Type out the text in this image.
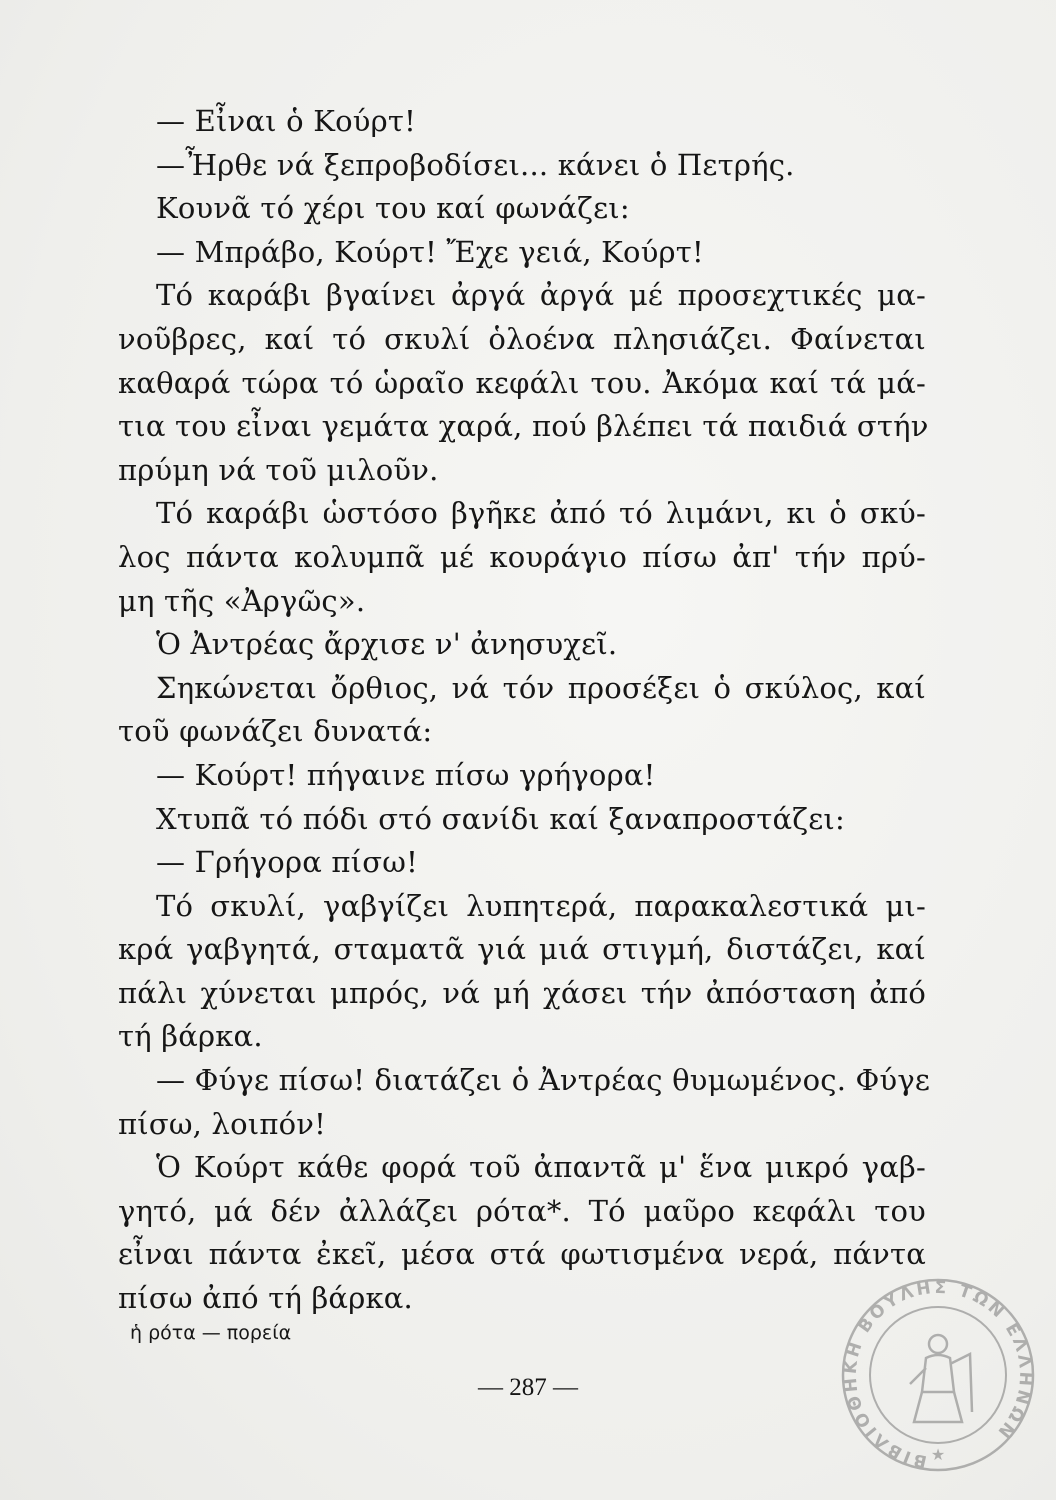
— Εἶναι ὁ Κούρτ!
—Ἦρθε νά ξεπροβοδίσει... κάνει ὁ Πετρής.
Κουνᾶ τό χέρι του καί φωνάζει:
— Μπράβο, Κούρτ! Ἔχε γειά, Κούρτ!
Τό καράβι βγαίνει ἀργά ἀργά μέ προσεχτικές μα-
νοῦβρες, καί τό σκυλί ὁλοένα πλησιάζει. Φαίνεται
καθαρά τώρα τό ὡραῖο κεφάλι του. Ἀκόμα καί τά μά-
τια του εἶναι γεμάτα χαρά, πού βλέπει τά παιδιά στήν
πρύμη νά τοῦ μιλοῦν.
Τό καράβι ὡστόσο βγῆκε ἀπό τό λιμάνι, κι ὁ σκύ-
λος πάντα κολυμπᾶ μέ κουράγιο πίσω ἀπ' τήν πρύ-
μη τῆς «Ἀργῶς».
Ὁ Ἀντρέας ἄρχισε ν' ἀνησυχεῖ.
Σηκώνεται ὄρθιος, νά τόν προσέξει ὁ σκύλος, καί
τοῦ φωνάζει δυνατά:
— Κούρτ! πήγαινε πίσω γρήγορα!
Χτυπᾶ τό πόδι στό σανίδι καί ξαναπροστάζει:
— Γρήγορα πίσω!
Τό σκυλί, γαβγίζει λυπητερά, παρακαλεστικά μι-
κρά γαβγητά, σταματᾶ γιά μιά στιγμή, διστάζει, καί
πάλι χύνεται μπρός, νά μή χάσει τήν ἀπόσταση ἀπό
τή βάρκα.
— Φύγε πίσω! διατάζει ὁ Ἀντρέας θυμωμένος. Φύγε
πίσω, λοιπόν!
Ὁ Κούρτ κάθε φορά τοῦ ἀπαντᾶ μ' ἕνα μικρό γαβ-
γητό, μά δέν ἀλλάζει ρότα*. Τό μαῦρο κεφάλι του
εἶναι πάντα ἐκεῖ, μέσα στά φωτισμένα νερά, πάντα
πίσω ἀπό τή βάρκα.
ἡ ρότα — πορεία
— 287 —
ΒΙΒΛΙΟΘΗΚΗ ΒΟΥΛΗΣ ΤΩΝ ΕΛΛΗΝΩΝ
★
